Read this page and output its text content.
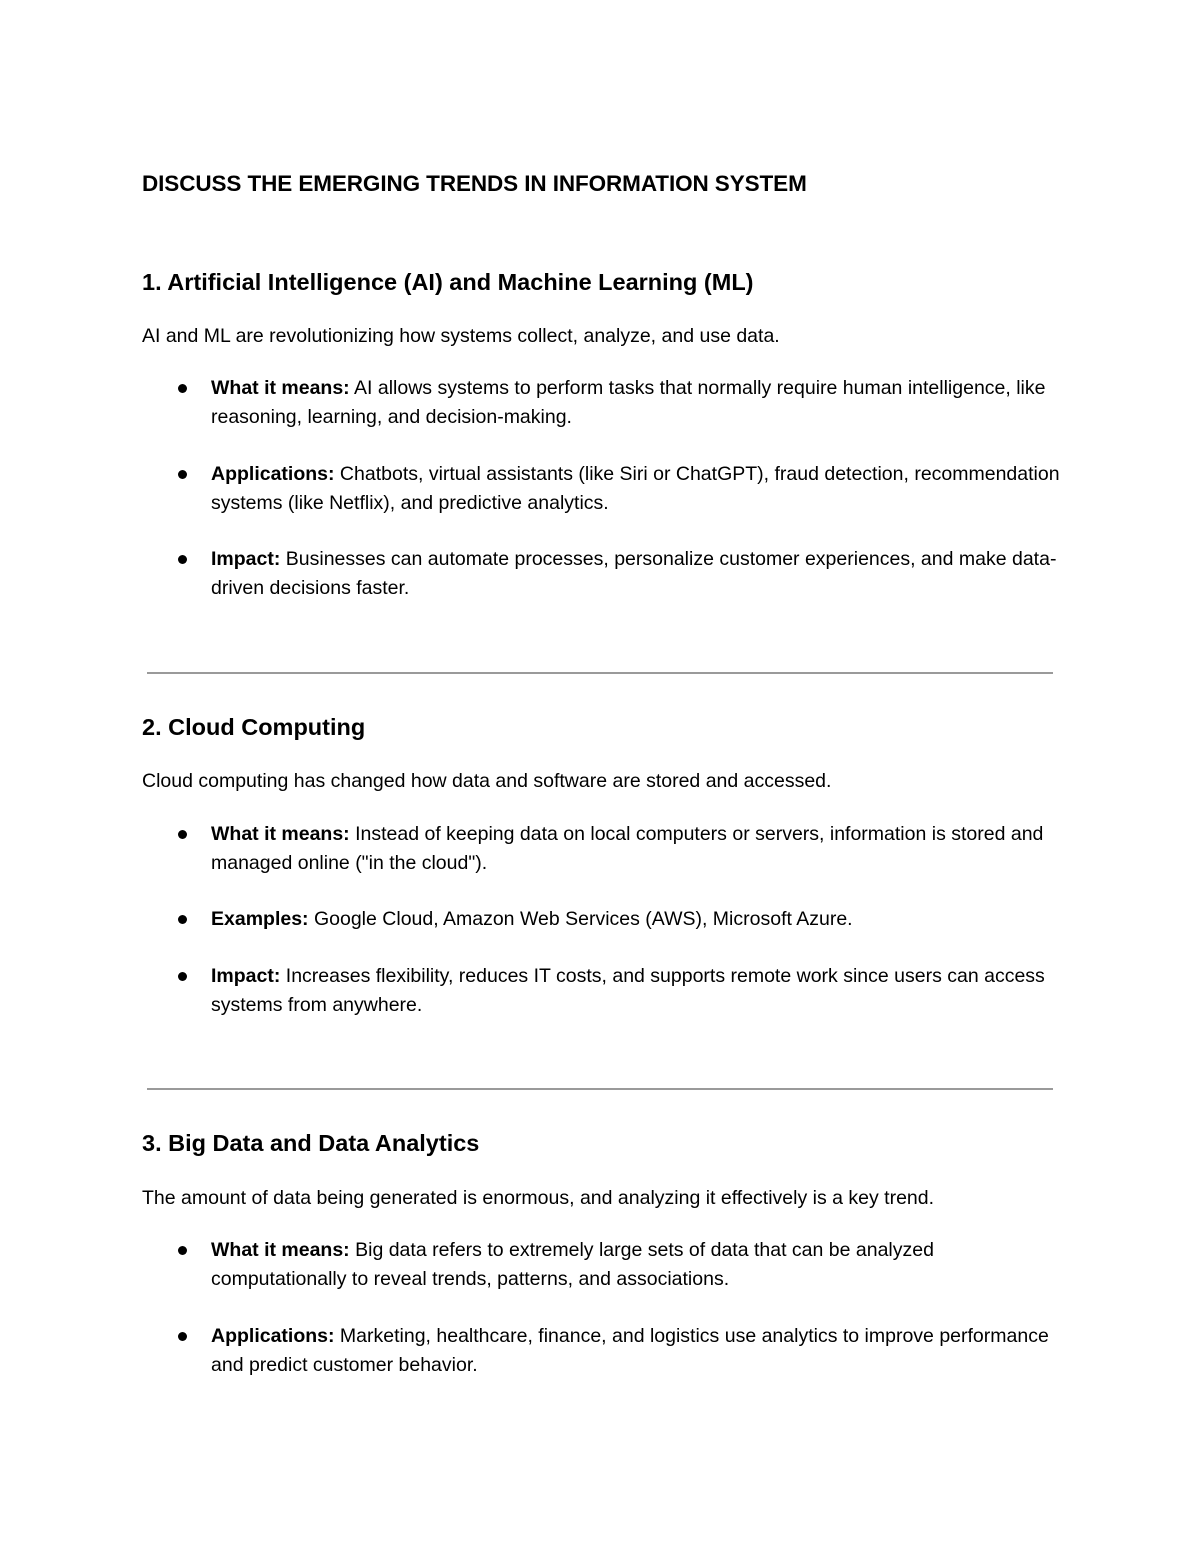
DISCUSS THE EMERGING TRENDS IN INFORMATION SYSTEM
1. Artificial Intelligence (AI) and Machine Learning (ML)

AI and ML are revolutionizing how systems collect, analyze, and use data.

What it means: AI allows systems to perform tasks that normally require human intelligence, like reasoning, learning, and decision-making.

Applications: Chatbots, virtual assistants (like Siri or ChatGPT), fraud detection, recommendation systems (like Netflix), and predictive analytics.

Impact: Businesses can automate processes, personalize customer experiences, and make data-driven decisions faster.

2. Cloud Computing

Cloud computing has changed how data and software are stored and accessed.

What it means: Instead of keeping data on local computers or servers, information is stored and managed online ("in the cloud").

Examples: Google Cloud, Amazon Web Services (AWS), Microsoft Azure.

Impact: Increases flexibility, reduces IT costs, and supports remote work since users can access systems from anywhere.

3. Big Data and Data Analytics

The amount of data being generated is enormous, and analyzing it effectively is a key trend.

What it means: Big data refers to extremely large sets of data that can be analyzed computationally to reveal trends, patterns, and associations.

Applications: Marketing, healthcare, finance, and logistics use analytics to improve performance and predict customer behavior.
